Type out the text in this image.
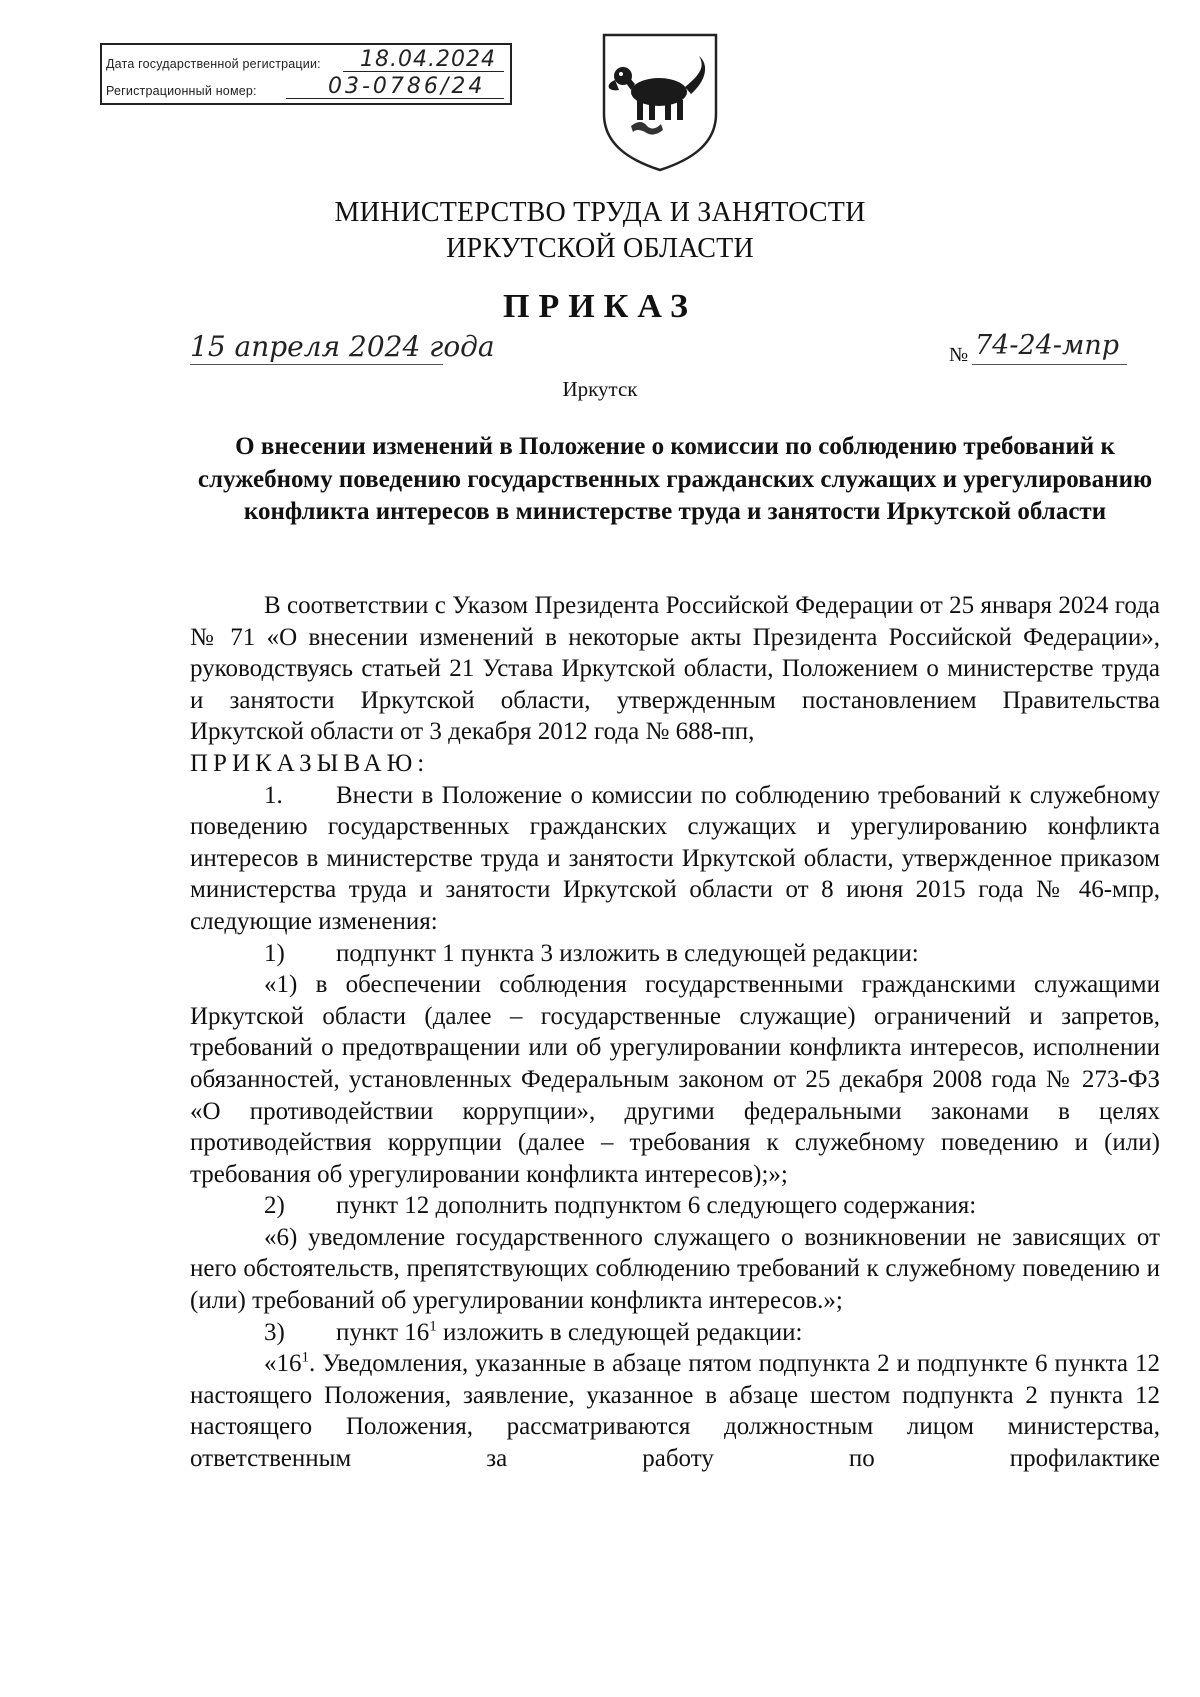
Дата государственной регистрации: 18.04.2024
Регистрационный номер:	03-0786/24
МИНИСТЕРСТВО ТРУДА И ЗАНЯТОСТИ
ИРКУТСКОЙ ОБЛАСТИ
ПРИКАЗ
15 апреля 2024 года	№ 74-24-мпр
Иркутск
О внесении изменений в Положение о комиссии по соблюдению требований к служебному поведению государственных гражданских служащих и урегулированию конфликта интересов в министерстве труда и занятости Иркутской области

В соответствии с Указом Президента Российской Федерации от 25 января 2024 года № 71 «О внесении изменений в некоторые акты Президента Российской Федерации», руководствуясь статьей 21 Устава Иркутской области, Положением о министерстве труда и занятости Иркутской области, утвержденным постановлением Правительства Иркутской области от 3 декабря 2012 года № 688-пп,

ПРИКАЗЫВАЮ:

1. Внести в Положение о комиссии по соблюдению требований к служебному поведению государственных гражданских служащих и урегулированию конфликта интересов в министерстве труда и занятости Иркутской области, утвержденное приказом министерства труда и занятости Иркутской области от 8 июня 2015 года № 46-мпр, следующие изменения:

1) подпункт 1 пункта 3 изложить в следующей редакции:

«1) в обеспечении соблюдения государственными гражданскими служащими Иркутской области (далее – государственные служащие) ограничений и запретов, требований о предотвращении или об урегулировании конфликта интересов, исполнении обязанностей, установленных Федеральным законом от 25 декабря 2008 года № 273-ФЗ «О противодействии коррупции», другими федеральными законами в целях противодействия коррупции (далее – требования к служебному поведению и (или) требования об урегулировании конфликта интересов);»;

2) пункт 12 дополнить подпунктом 6 следующего содержания:

«6) уведомление государственного служащего о возникновении не зависящих от него обстоятельств, препятствующих соблюдению требований к служебному поведению и (или) требований об урегулировании конфликта интересов.»;

3) пункт $16^1$ изложить в следующей редакции:

«$16^1$. Уведомления, указанные в абзаце пятом подпункта 2 и подпункте 6 пункта 12 настоящего Положения, заявление, указанное в абзаце шестом подпункта 2 пункта 12 настоящего Положения, рассматриваются должностным лицом министерства, ответственным за работу по профилактике
